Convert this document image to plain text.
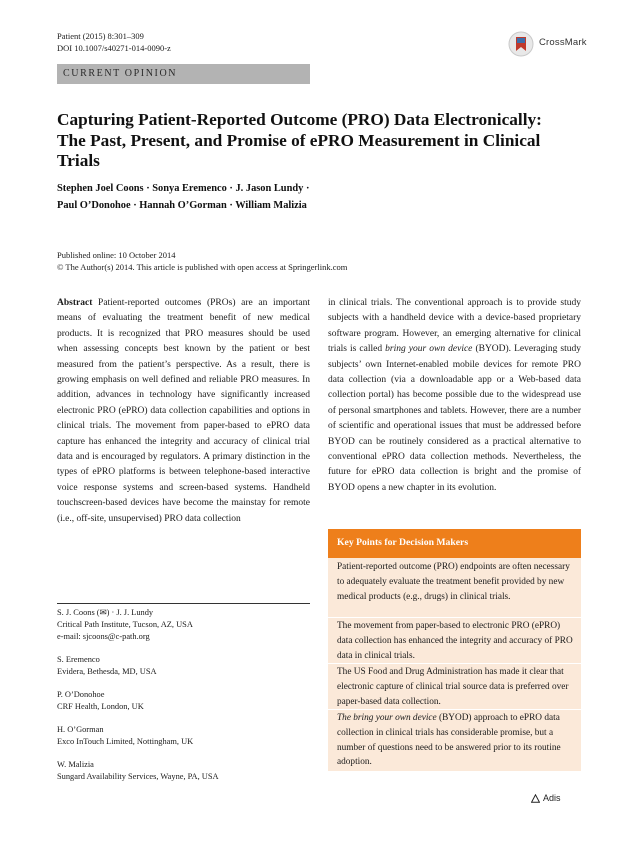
Patient (2015) 8:301–309
DOI 10.1007/s40271-014-0090-z	CrossMark
CURRENT OPINION
Capturing Patient-Reported Outcome (PRO) Data Electronically:
The Past, Present, and Promise of ePRO Measurement in Clinical
Trials
Stephen Joel Coons · Sonya Eremenco · J. Jason Lundy ·
Paul O’Donohoe · Hannah O’Gorman · William Malizia
Published online: 10 October 2014
© The Author(s) 2014. This article is published with open access at Springerlink.com
Abstract Patient-reported outcomes (PROs) are an important means of evaluating the treatment benefit of new medical products. It is recognized that PRO measures should be used when assessing concepts best known by the patient or best measured from the patient’s perspective. As a result, there is growing emphasis on well defined and reliable PRO measures. In addition, advances in technology have significantly increased electronic PRO (ePRO) data collection capabilities and options in clinical trials. The movement from paper-based to ePRO data capture has enhanced the integrity and accuracy of clinical trial data and is encouraged by regulators. A primary distinction in the types of ePRO platforms is between telephone-based interactive voice response systems and screen-based systems. Handheld touchscreen-based devices have become the mainstay for remote (i.e., off-site, unsupervised) PRO data collection
in clinical trials. The conventional approach is to provide study subjects with a handheld device with a device-based proprietary software program. However, an emerging alternative for clinical trials is called bring your own device (BYOD). Leveraging study subjects’ own Internet-enabled mobile devices for remote PRO data collection (via a downloadable app or a Web-based data collection portal) has become possible due to the widespread use of personal smartphones and tablets. However, there are a number of scientific and operational issues that must be addressed before BYOD can be routinely considered as a practical alternative to conventional ePRO data collection methods. Nevertheless, the future for ePRO data collection is bright and the promise of BYOD opens a new chapter in its evolution.
Key Points for Decision Makers
Patient-reported outcome (PRO) endpoints are often necessary to adequately evaluate the treatment benefit provided by new medical products (e.g., drugs) in clinical trials.
The movement from paper-based to electronic PRO (ePRO) data collection has enhanced the integrity and accuracy of PRO data in clinical trials.
The US Food and Drug Administration has made it clear that electronic capture of clinical trial source data is preferred over paper-based data collection.
The bring your own device (BYOD) approach to ePRO data collection in clinical trials has considerable promise, but a number of questions need to be answered prior to its routine adoption.
S. J. Coons (✉) · J. J. Lundy
Critical Path Institute, Tucson, AZ, USA
e-mail: sjcoons@c-path.org
S. Eremenco
Evidera, Bethesda, MD, USA
P. O’Donohoe
CRF Health, London, UK
H. O’Gorman
Exco InTouch Limited, Nottingham, UK
W. Malizia
Sungard Availability Services, Wayne, PA, USA
Adis
